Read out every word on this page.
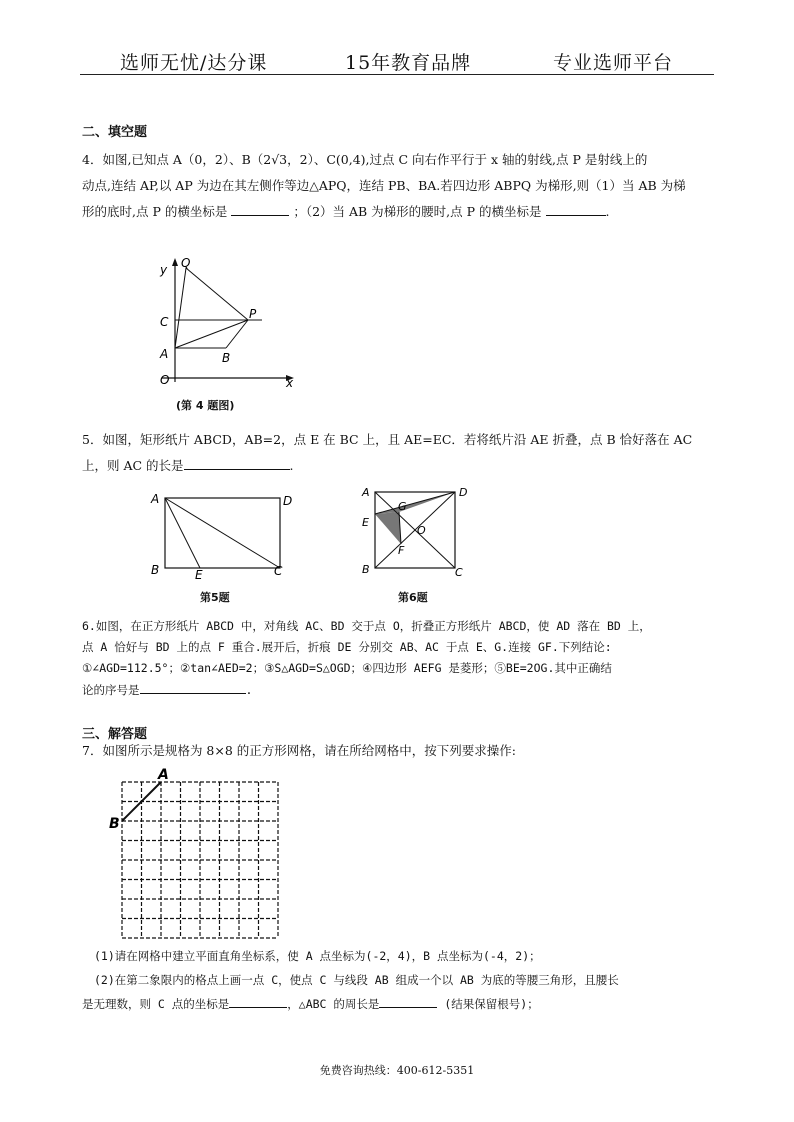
选师无忧/达分课	15年教育品牌	专业选师平台
二、填空题
4．如图,已知点 A（0，2）、B（2√3，2）、C(0,4),过点 C 向右作平行于 x 轴的射线,点 P 是射线上的
动点,连结 AP,以 AP 为边在其左侧作等边△APQ，连结 PB、BA.若四边形 ABPQ 为梯形,则（1）当 AB 为梯
形的底时,点 P 的横坐标是	；（2）当 AB 为梯形的腰时,点 P 的横坐标是	.
y Q
C
P
A	B
O	x
(第 4 题图)
5．如图，矩形纸片 ABCD，AB=2，点 E 在 BC 上，且 AE=EC．若将纸片沿 AE 折叠，点 B 恰好落在 AC
上，则 AC 的长是	.
A	D
B	E	C
第5题
A	D
G
E
O
F
B	C
第6题
6.如图，在正方形纸片 ABCD 中，对角线 AC、BD 交于点 O，折叠正方形纸片 ABCD，使 AD 落在 BD 上，
点 A 恰好与 BD 上的点 F 重合.展开后，折痕 DE 分别交 AB、AC 于点 E、G.连接 GF.下列结论:
①∠AGD=112.5°；②tan∠AED=2；③S△AGD=S△OGD；④四边形 AEFG 是菱形；⑤BE=2OG.其中正确结
论的序号是	.
三、解答题
7．如图所示是规格为 8×8 的正方形网格，请在所给网格中，按下列要求操作:
A
B
(1)请在网格中建立平面直角坐标系，使 A 点坐标为(-2，4)，B 点坐标为(-4，2)；
(2)在第二象限内的格点上画一点 C，使点 C 与线段 AB 组成一个以 AB 为底的等腰三角形，且腰长
是无理数，则 C 点的坐标是	，△ABC 的周长是	(结果保留根号)；
免费咨询热线：400-612-5351
